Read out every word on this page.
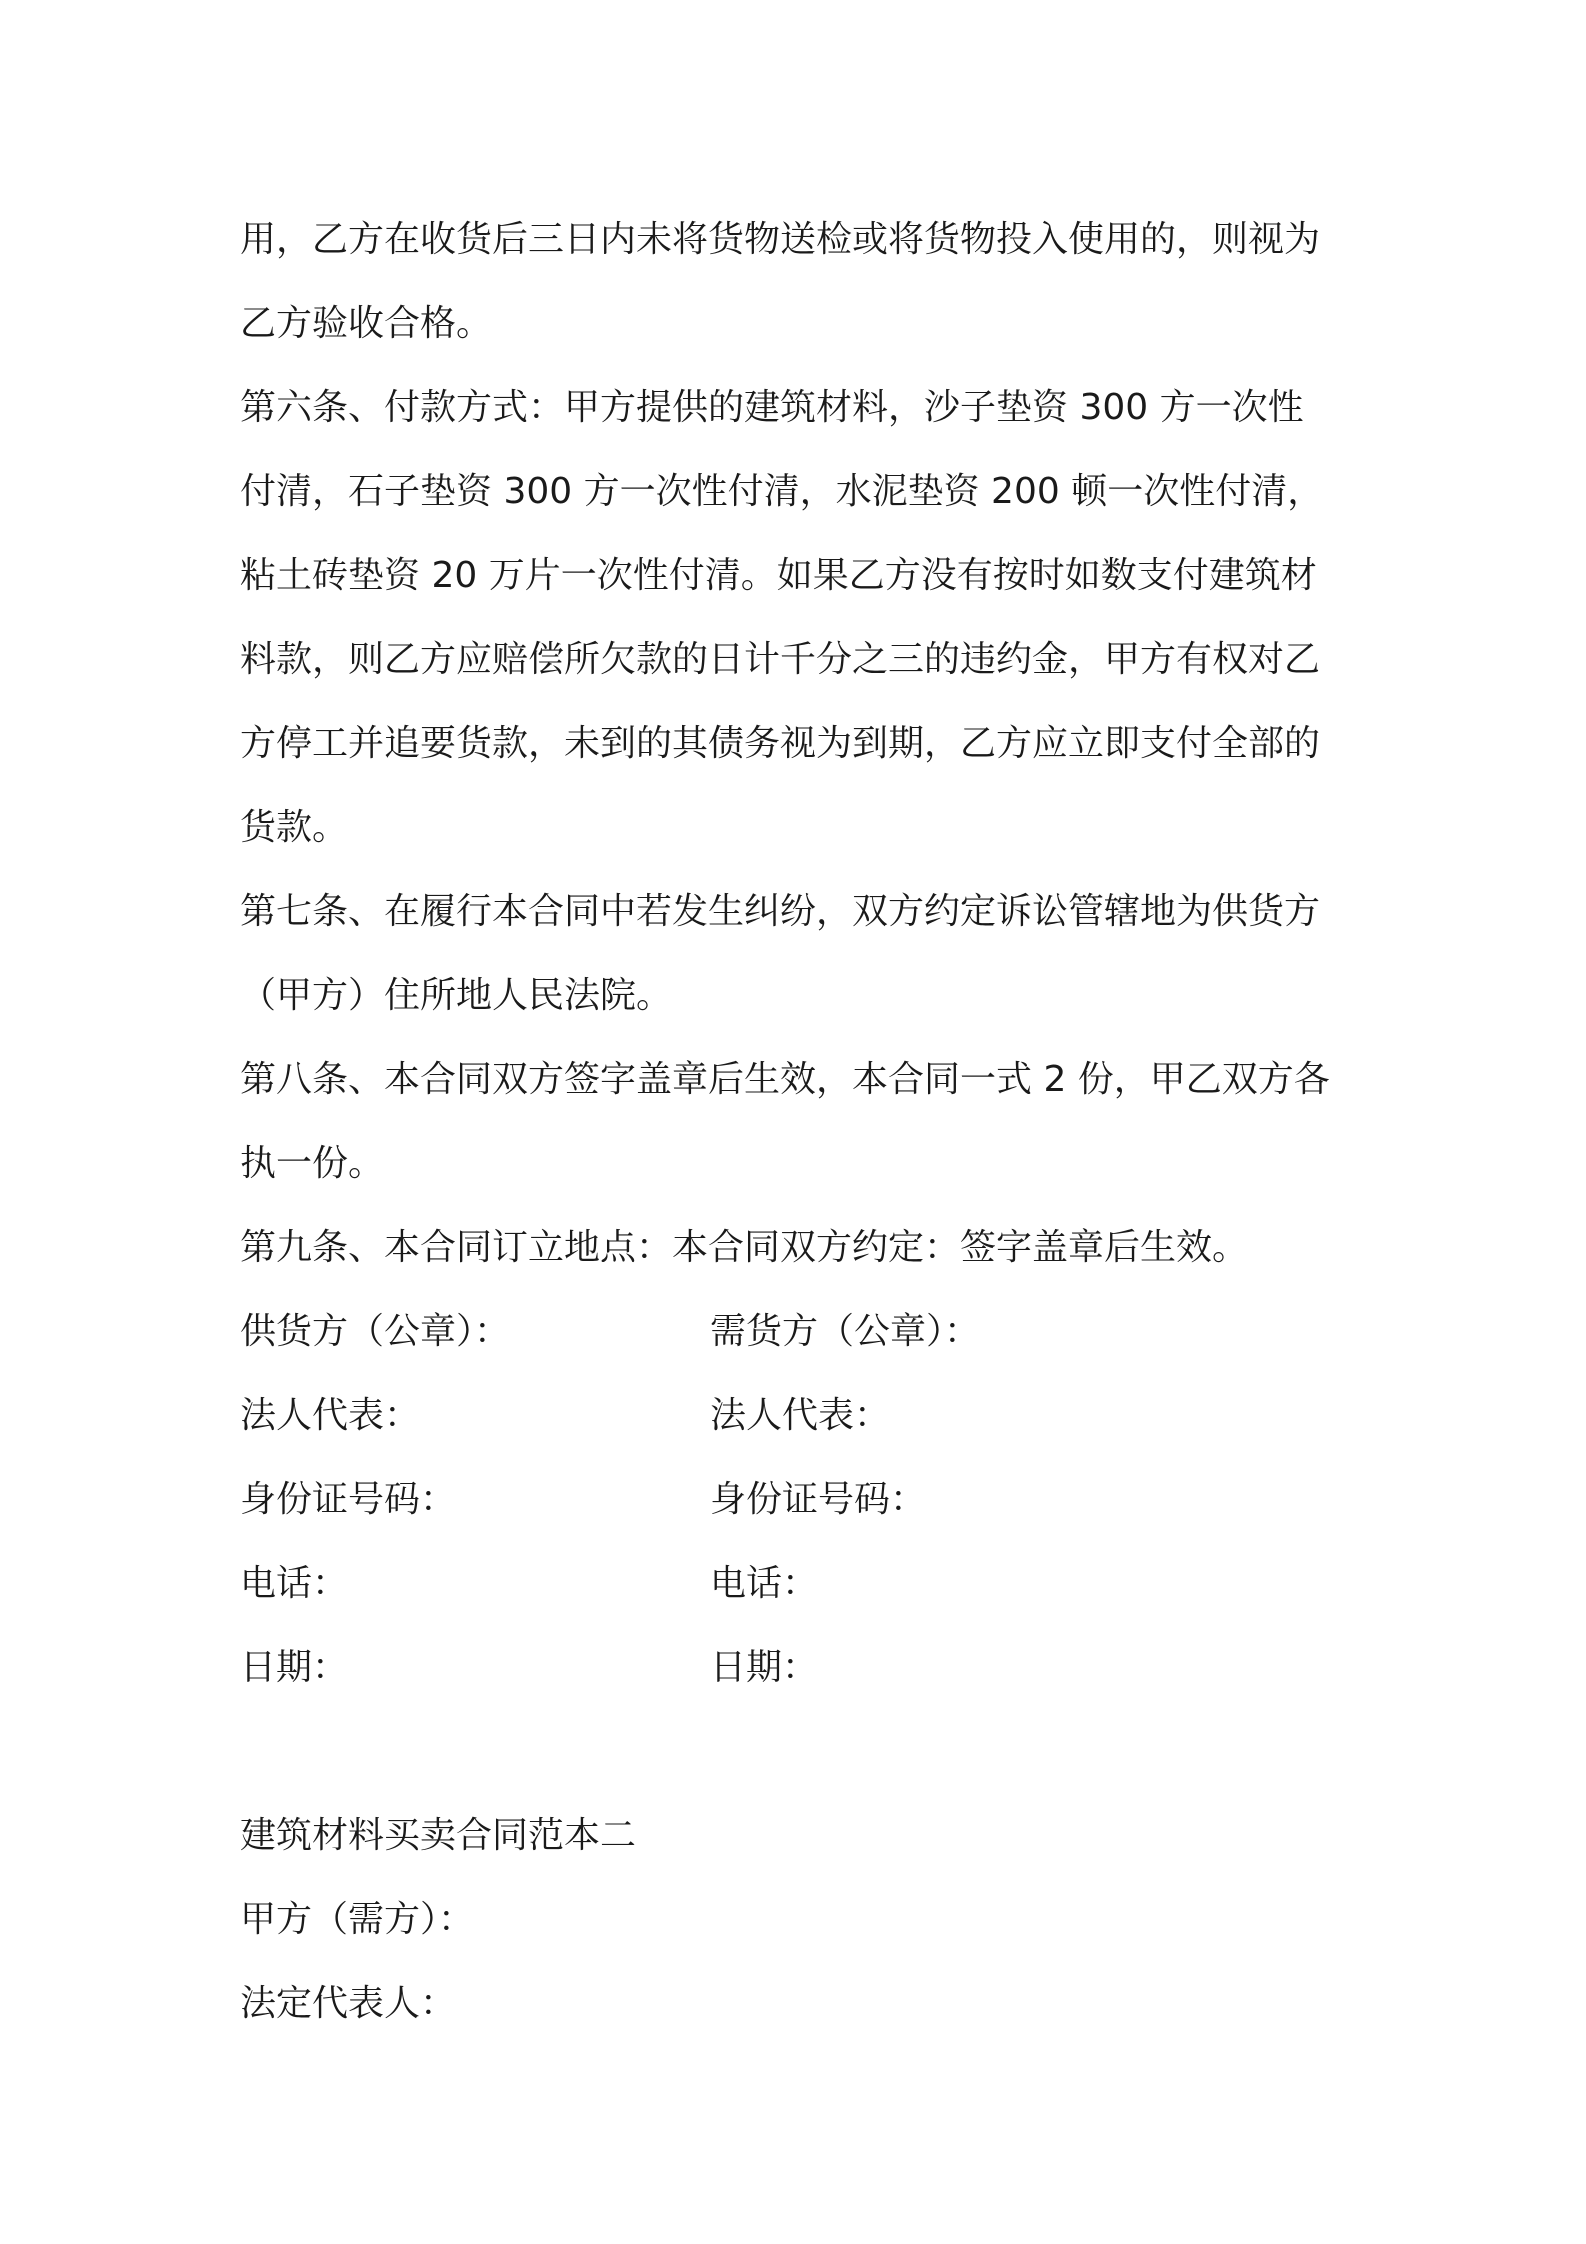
用，乙方在收货后三日内未将货物送检或将货物投入使用的，则视为
乙方验收合格。
第六条、付款方式：甲方提供的建筑材料，沙子垫资 300 方一次性
付清，石子垫资 300 方一次性付清，水泥垫资 200 顿一次性付清，
粘土砖垫资 20 万片一次性付清。如果乙方没有按时如数支付建筑材
料款，则乙方应赔偿所欠款的日计千分之三的违约金，甲方有权对乙
方停工并追要货款，未到的其债务视为到期，乙方应立即支付全部的
货款。
第七条、在履行本合同中若发生纠纷，双方约定诉讼管辖地为供货方
（甲方）住所地人民法院。
第八条、本合同双方签字盖章后生效，本合同一式 2 份，甲乙双方各
执一份。
第九条、本合同订立地点：本合同双方约定：签字盖章后生效。
供货方（公章）：	需货方（公章）：
法人代表：	法人代表：
身份证号码：	身份证号码：
电话：	电话：
日期：	日期：
建筑材料买卖合同范本二
甲方（需方）：
法定代表人：
